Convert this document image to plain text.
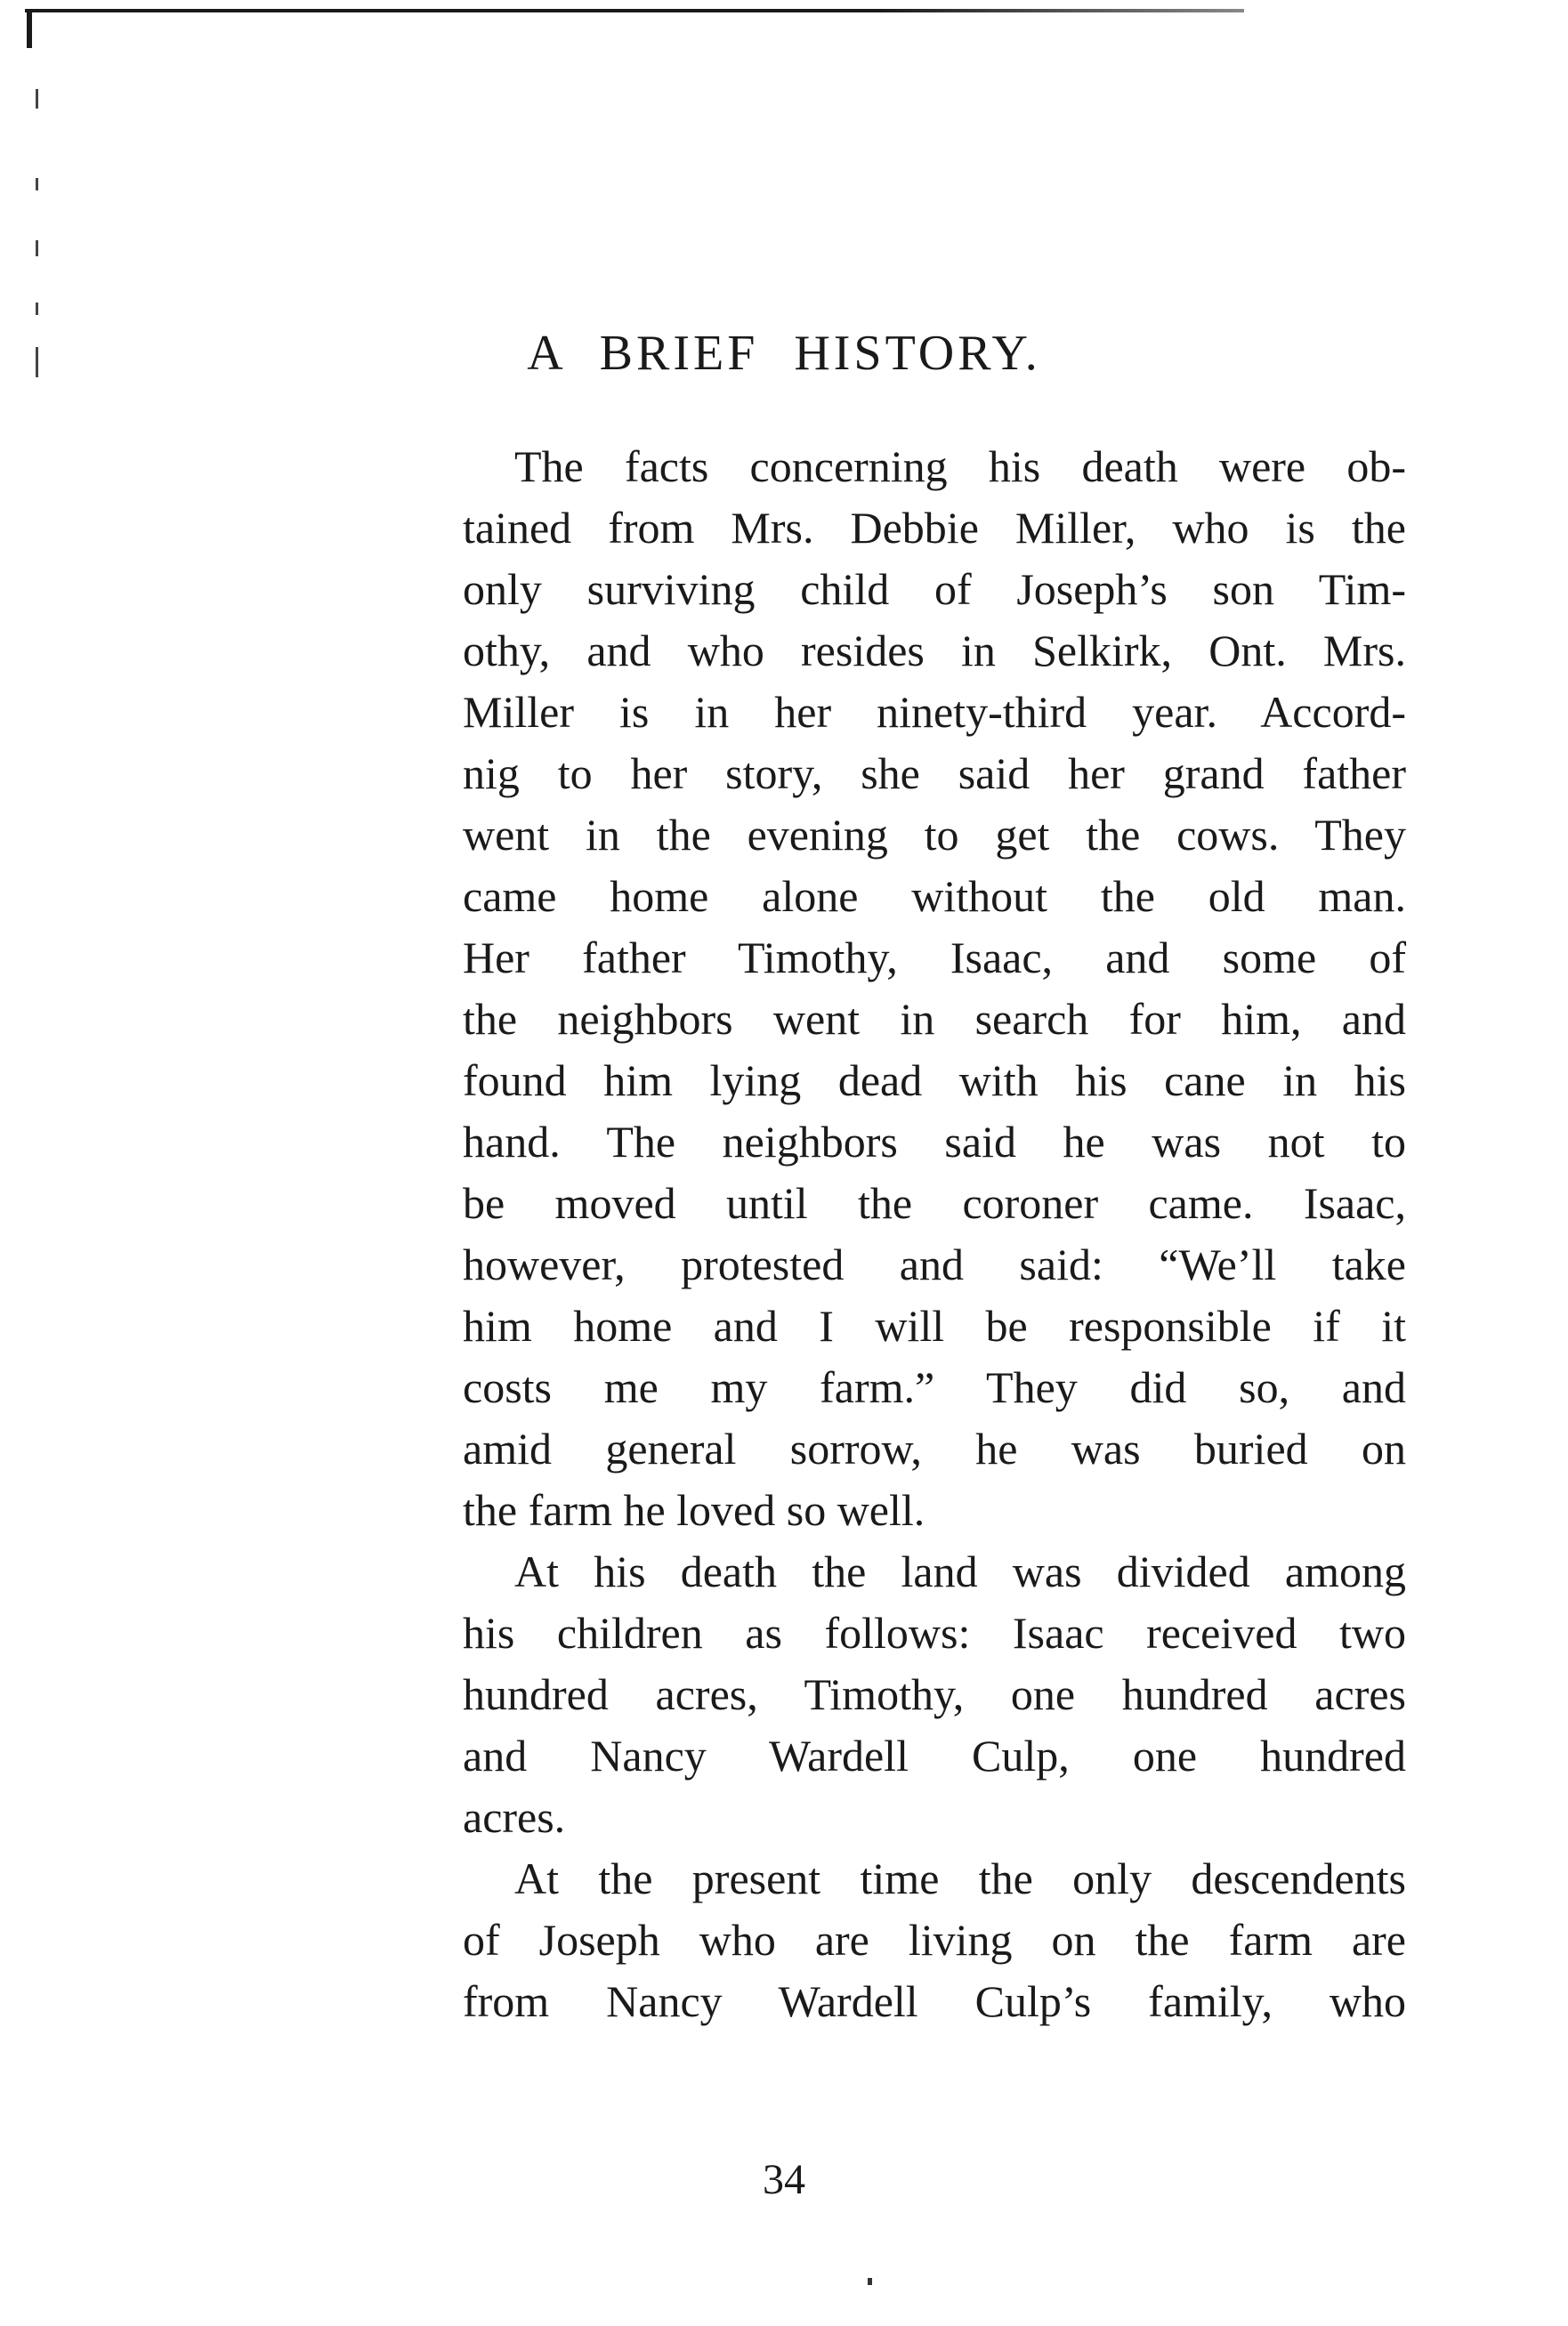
A BRIEF HISTORY.
The facts concerning his death were ob-
tained from Mrs. Debbie Miller, who is the
only surviving child of Joseph’s son Tim-
othy, and who resides in Selkirk, Ont. Mrs.
Miller is in her ninety-third year. Accord-
nig to her story, she said her grand father
went in the evening to get the cows. They
came home alone without the old man.
Her father Timothy, Isaac, and some of
the neighbors went in search for him, and
found him lying dead with his cane in his
hand. The neighbors said he was not to
be moved until the coroner came. Isaac,
however, protested and said: “We’ll take
him home and I will be responsible if it
costs me my farm.” They did so, and
amid general sorrow, he was buried on
the farm he loved so well.
At his death the land was divided among
his children as follows: Isaac received two
hundred acres, Timothy, one hundred acres
and Nancy Wardell Culp, one hundred
acres.
At the present time the only descendents
of Joseph who are living on the farm are
from Nancy Wardell Culp’s family, who
34
